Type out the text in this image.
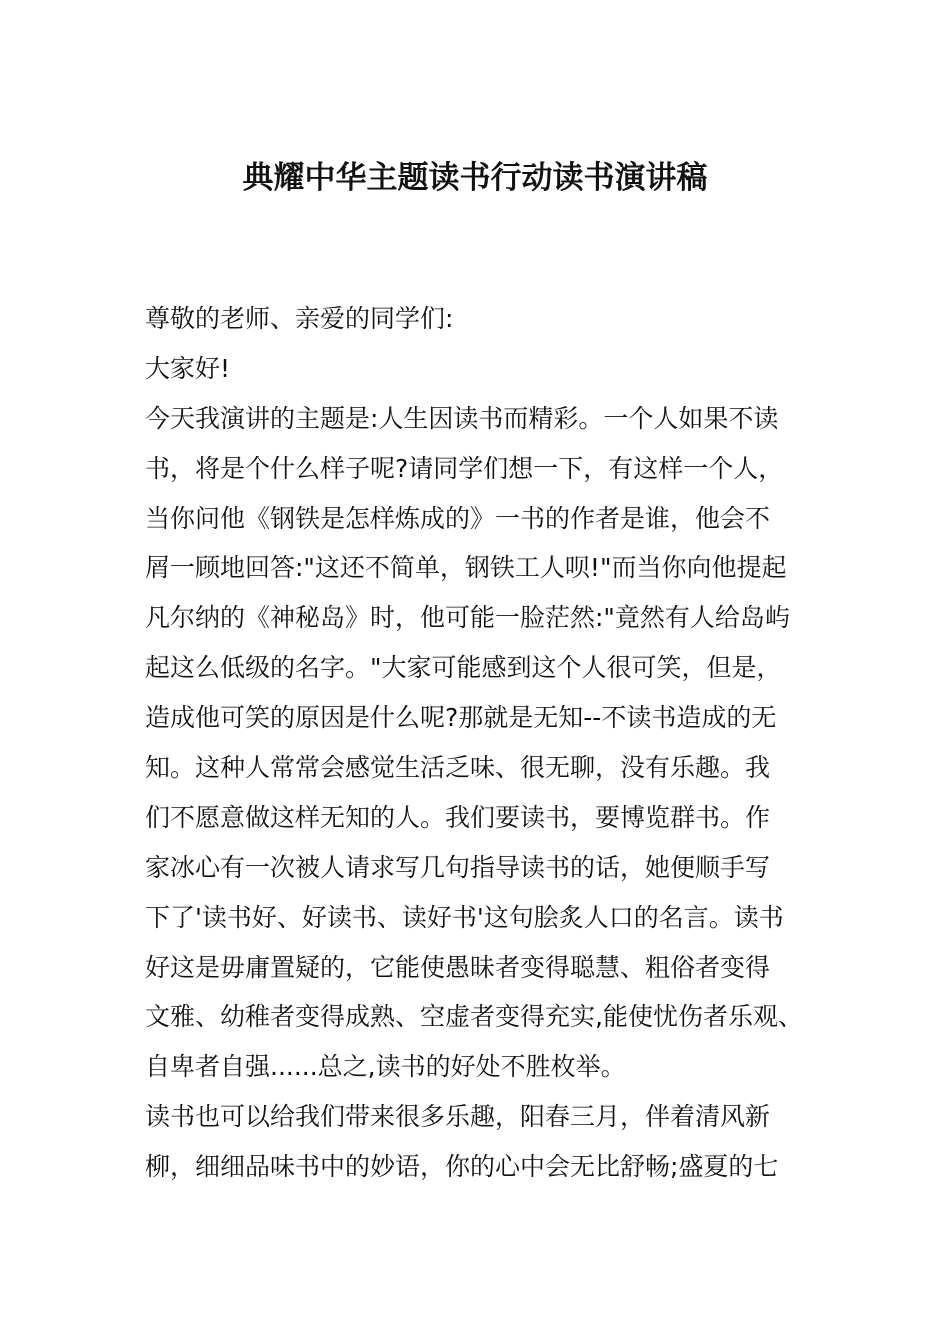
典耀中华主题读书行动读书演讲稿
尊敬的老师、亲爱的同学们:
大家好!
今天我演讲的主题是:人生因读书而精彩。一个人如果不读
书，将是个什么样子呢?请同学们想一下，有这样一个人，
当你问他《钢铁是怎样炼成的》一书的作者是谁，他会不
屑一顾地回答:"这还不简单，钢铁工人呗!"而当你向他提起
凡尔纳的《神秘岛》时，他可能一脸茫然:"竟然有人给岛屿
起这么低级的名字。"大家可能感到这个人很可笑，但是，
造成他可笑的原因是什么呢?那就是无知--不读书造成的无
知。这种人常常会感觉生活乏味、很无聊，没有乐趣。我
们不愿意做这样无知的人。我们要读书，要博览群书。作
家冰心有一次被人请求写几句指导读书的话，她便顺手写
下了'读书好、好读书、读好书'这句脍炙人口的名言。读书
好这是毋庸置疑的，它能使愚昧者变得聪慧、粗俗者变得
文雅、幼稚者变得成熟、空虚者变得充实,能使忧伤者乐观、
自卑者自强......总之,读书的好处不胜枚举。
读书也可以给我们带来很多乐趣，阳春三月，伴着清风新
柳，细细品味书中的妙语，你的心中会无比舒畅;盛夏的七
